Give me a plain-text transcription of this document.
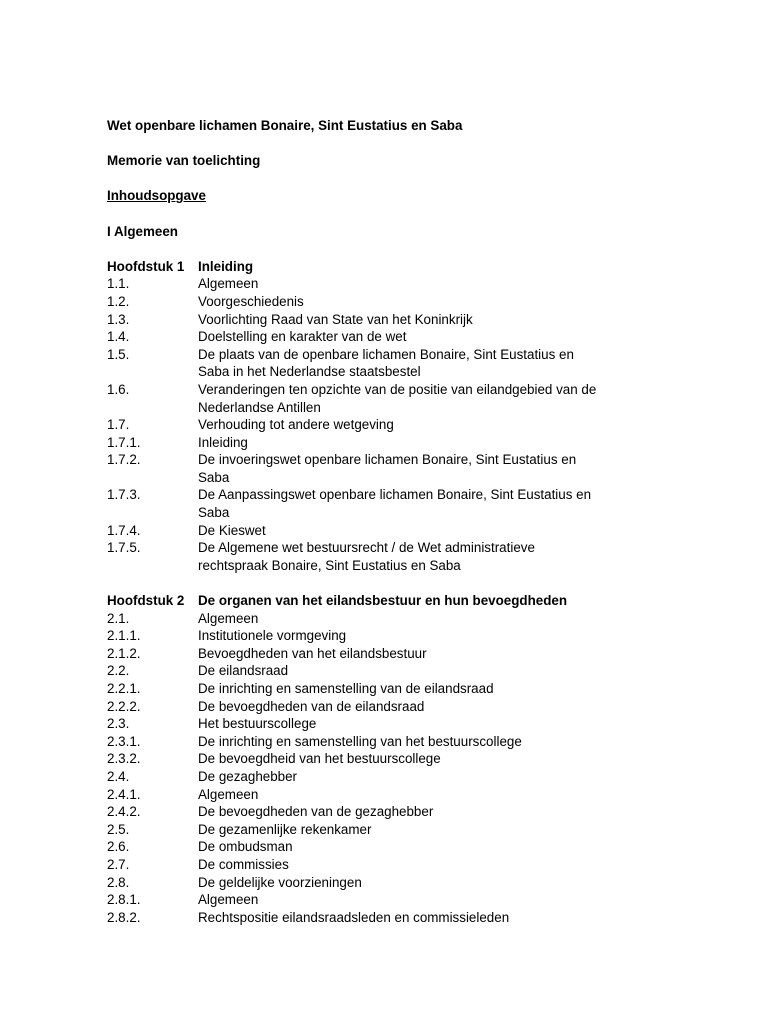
Wet openbare lichamen Bonaire, Sint Eustatius en Saba
Memorie van toelichting
Inhoudsopgave
I Algemeen
Hoofdstuk 1	Inleiding
1.1.	Algemeen
1.2.	Voorgeschiedenis
1.3.	Voorlichting Raad van State van het Koninkrijk
1.4.	Doelstelling en karakter van de wet
1.5.	De plaats van de openbare lichamen Bonaire, Sint Eustatius en Saba in het Nederlandse staatsbestel
1.6.	Veranderingen ten opzichte van de positie van eilandgebied van de Nederlandse Antillen
1.7.	Verhouding tot andere wetgeving
1.7.1.	Inleiding
1.7.2.	De invoeringswet openbare lichamen Bonaire, Sint Eustatius en Saba
1.7.3.	De Aanpassingswet openbare lichamen Bonaire, Sint Eustatius en Saba
1.7.4.	De Kieswet
1.7.5.	De Algemene wet bestuursrecht / de Wet administratieve rechtspraak Bonaire, Sint Eustatius en Saba
Hoofdstuk 2	De organen van het eilandsbestuur en hun bevoegdheden
2.1.	Algemeen
2.1.1.	Institutionele vormgeving
2.1.2.	Bevoegdheden van het eilandsbestuur
2.2.	De eilandsraad
2.2.1.	De inrichting en samenstelling van de eilandsraad
2.2.2.	De bevoegdheden van de eilandsraad
2.3.	Het bestuurscollege
2.3.1.	De inrichting en samenstelling van het bestuurscollege
2.3.2.	De bevoegdheid van het bestuurscollege
2.4.	De gezaghebber
2.4.1.	Algemeen
2.4.2.	De bevoegdheden van de gezaghebber
2.5.	De gezamenlijke rekenkamer
2.6.	De ombudsman
2.7.	De commissies
2.8.	De geldelijke voorzieningen
2.8.1.	Algemeen
2.8.2.	Rechtspositie eilandsraadsleden en commissieleden
